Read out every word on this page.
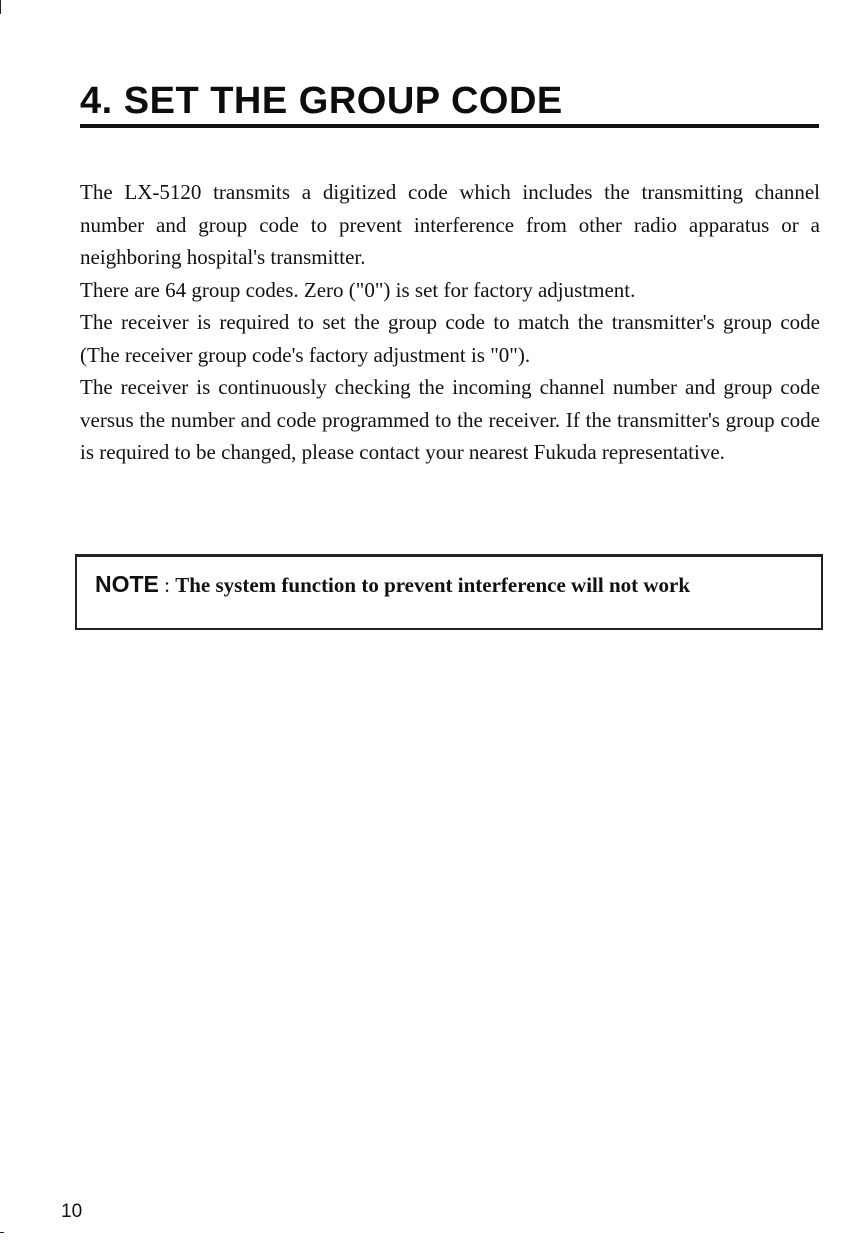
4. SET THE GROUP CODE

The LX-5120 transmits a digitized code which includes the transmitting channel number and group code to prevent interference from other radio apparatus or a neighboring hospital's transmitter.

There are 64 group codes. Zero ("0") is set for factory adjustment.

The receiver is required to set the group code to match the transmitter's group code (The receiver group code's factory adjustment is "0").

The receiver is continuously checking the incoming channel number and group code versus the number and code programmed to the receiver. If the transmitter's group code is required to be changed, please contact your nearest Fukuda representative.

NOTE : The system function to prevent interference will not work

10
